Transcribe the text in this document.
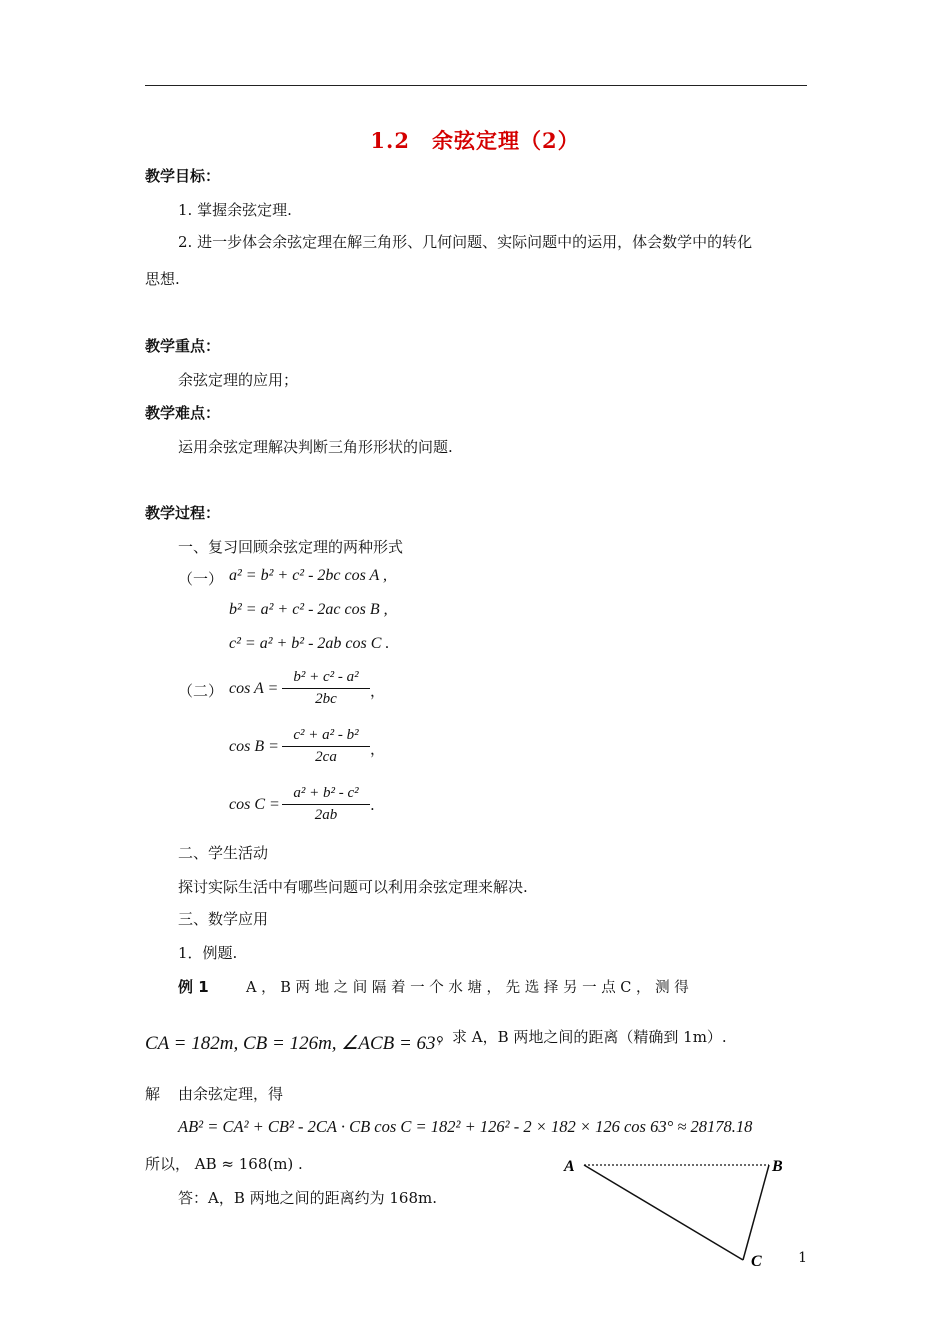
1.2　余弦定理（2）
教学目标：
1. 掌握余弦定理.
2. 进一步体会余弦定理在解三角形、几何问题、实际问题中的运用，体会数学中的转化
思想.
教学重点：
余弦定理的应用；
教学难点：
运用余弦定理解决判断三角形形状的问题.
教学过程：
一、复习回顾余弦定理的两种形式
（一） a² = b² + c² - 2bc cos A ,
b² = a² + c² - 2ac cos B ,
c² = a² + b² - 2ab cos C .
（二） cos A =
b² + c² - a²
2bc	，
cos B =
c² + a² - b²
2ca	，
cos C =
a² + b² - c²
2ab
.
二、学生活动
探讨实际生活中有哪些问题可以利用余弦定理来解决.
三、数学应用
1．例题.
例 1	A ， B 两 地 之 间 隔 着 一 个 水 塘 ， 先 选 择 另 一 点 C ， 测 得
CA = 182m, CB = 126m, ∠ACB = 63°
，求 A，B 两地之间的距离（精确到 1m）.
解 由余弦定理，得
AB² = CA² + CB² - 2CA · CB cos C = 182² + 126² - 2 × 182 × 126 cos 63° ≈ 28178.18
所以， AB ≈ 168(m) .
答：A，B 两地之间的距离约为 168m.
A	B
C	1
